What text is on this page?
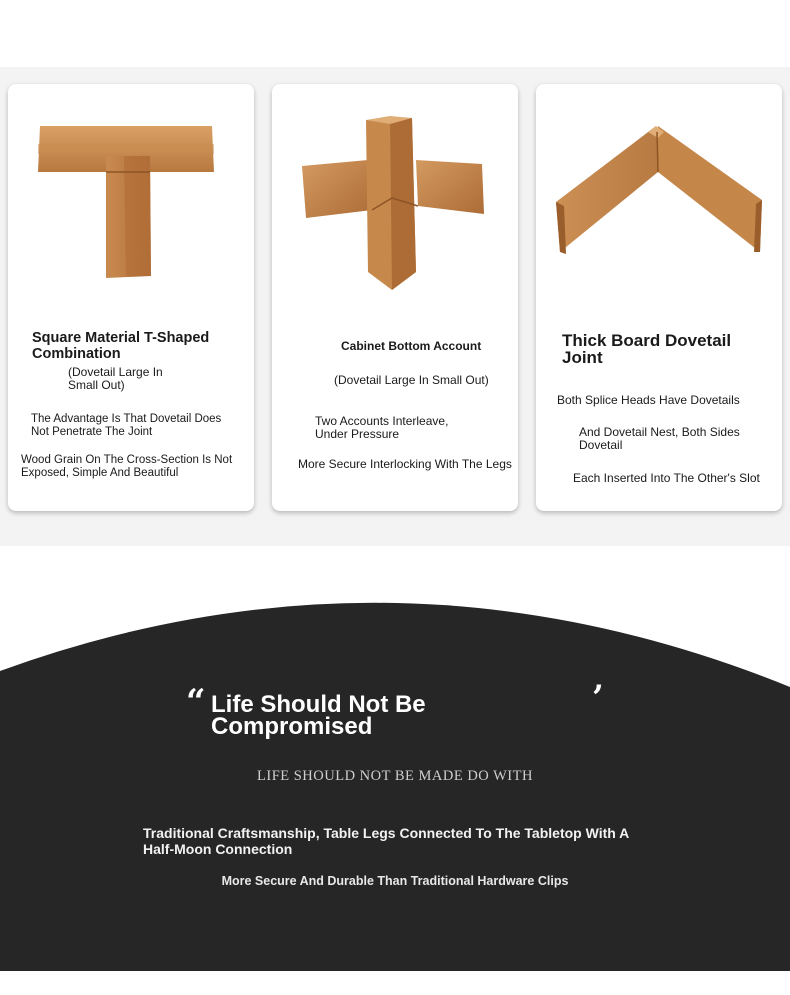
Square Material T-Shaped Combination
(Dovetail Large In Small Out)
The Advantage Is That Dovetail Does Not Penetrate The Joint
Wood Grain On The Cross-Section Is Not Exposed, Simple And Beautiful
Cabinet Bottom Account
(Dovetail Large In Small Out)
Two Accounts Interleave, Under Pressure
More Secure Interlocking With The Legs
Thick Board Dovetail Joint
Both Splice Heads Have Dovetails
And Dovetail Nest, Both Sides Dovetail
Each Inserted Into The Other's Slot
“	’
Life Should Not Be Compromised
LIFE SHOULD NOT BE MADE DO WITH
Traditional Craftsmanship, Table Legs Connected To The Tabletop With A Half-Moon Connection
More Secure And Durable Than Traditional Hardware Clips
